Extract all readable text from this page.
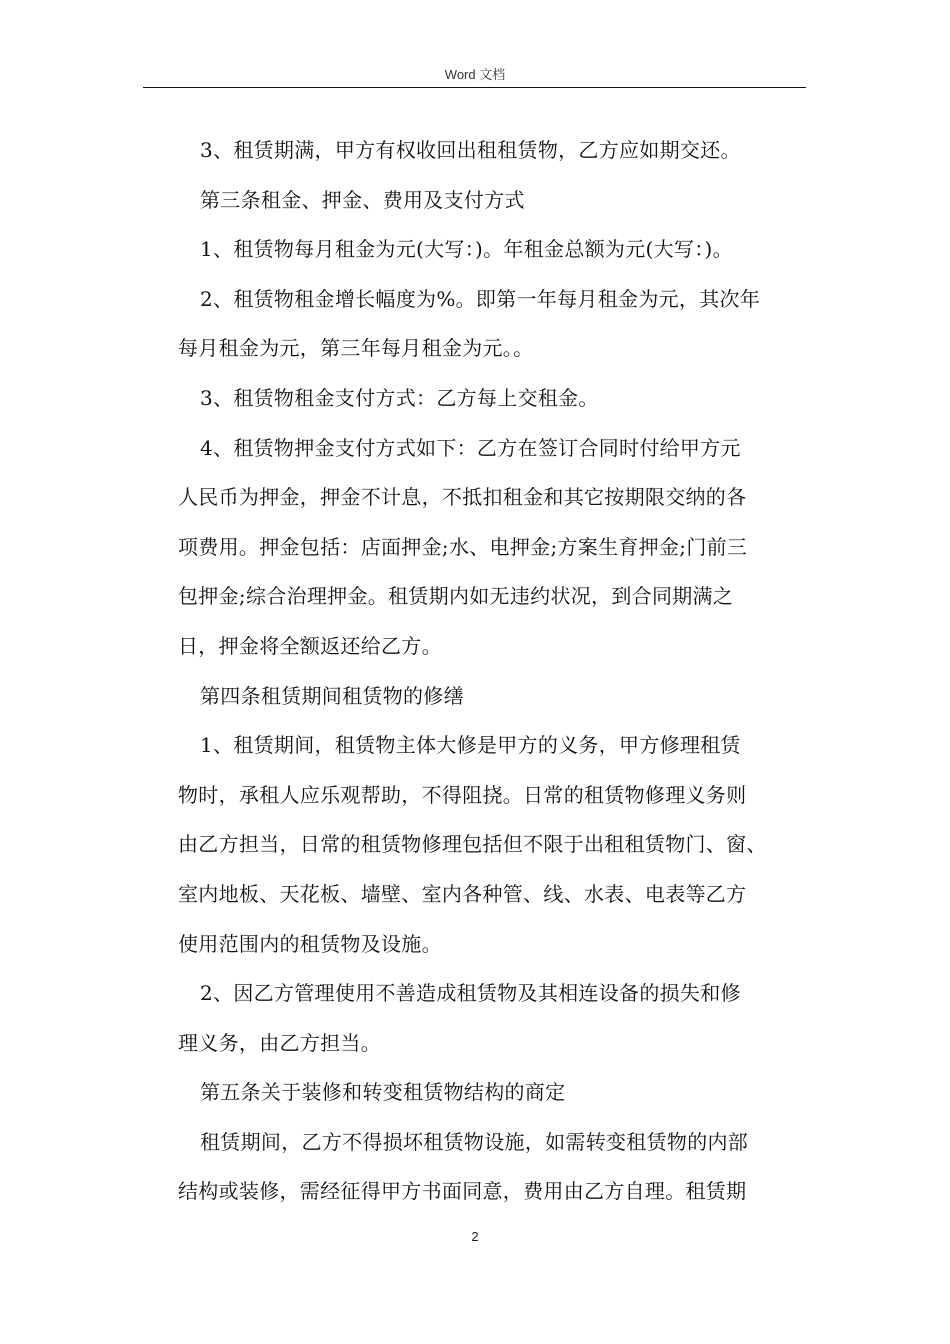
Word 文档

3、租赁期满，甲方有权收回出租租赁物，乙方应如期交还。

第三条租金、押金、费用及支付方式

1、租赁物每月租金为元(大写：)。年租金总额为元(大写：)。

2、租赁物租金增长幅度为%。即第一年每月租金为元，其次年

每月租金为元，第三年每月租金为元。。

3、租赁物租金支付方式：乙方每上交租金。

4、租赁物押金支付方式如下：乙方在签订合同时付给甲方元

人民币为押金，押金不计息，不抵扣租金和其它按期限交纳的各

项费用。押金包括：店面押金;水、电押金;方案生育押金;门前三

包押金;综合治理押金。租赁期内如无违约状况，到合同期满之

日，押金将全额返还给乙方。

第四条租赁期间租赁物的修缮

1、租赁期间，租赁物主体大修是甲方的义务，甲方修理租赁

物时，承租人应乐观帮助，不得阻挠。日常的租赁物修理义务则

由乙方担当，日常的租赁物修理包括但不限于出租租赁物门、窗、

室内地板、天花板、墙壁、室内各种管、线、水表、电表等乙方

使用范围内的租赁物及设施。

2、因乙方管理使用不善造成租赁物及其相连设备的损失和修

理义务，由乙方担当。

第五条关于装修和转变租赁物结构的商定

租赁期间，乙方不得损坏租赁物设施，如需转变租赁物的内部

结构或装修，需经征得甲方书面同意，费用由乙方自理。租赁期

2
